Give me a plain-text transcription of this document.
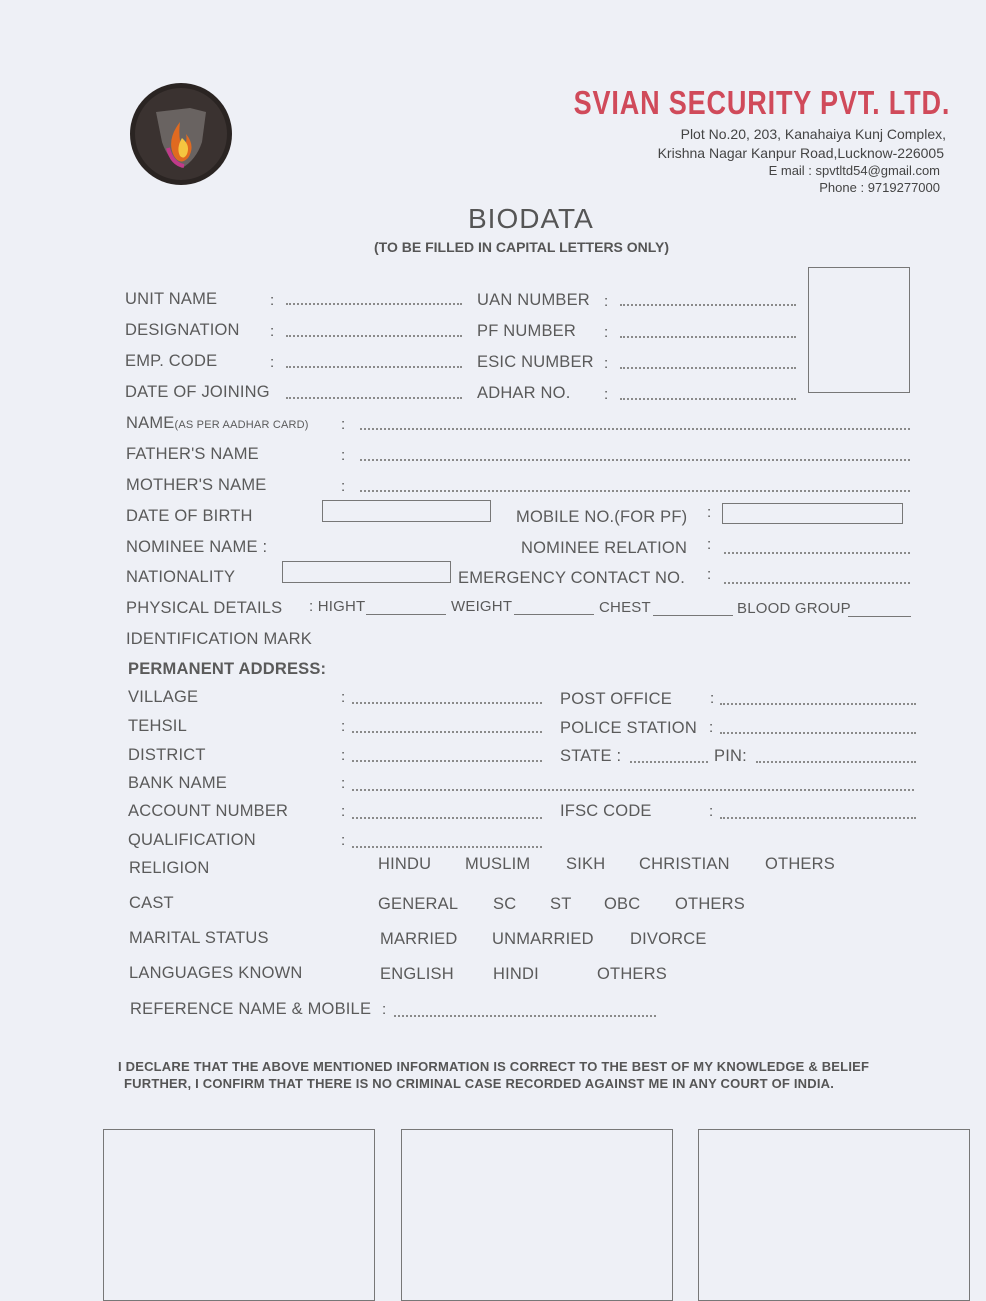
SVIAN SECURITY PVT. LTD.
Plot No.20, 203, Kanahaiya Kunj Complex,
Krishna Nagar Kanpur Road,Lucknow-226005
E mail : spvtltd54@gmail.com
Phone : 9719277000
BIODATA
(TO BE FILLED IN CAPITAL LETTERS ONLY)
UNIT NAME	:	UAN NUMBER :
DESIGNATION :	PF NUMBER :
EMP. CODE	:	ESIC NUMBER :
DATE OF JOINING	ADHAR NO. :
NAME(AS PER AADHAR CARD) :
FATHER'S NAME	:
MOTHER'S NAME	:
DATE OF BIRTH	MOBILE NO.(FOR PF) :
NOMINEE NAME :	NOMINEE RELATION :
NATIONALITY	EMERGENCY CONTACT NO. :
PHYSICAL DETAILS : HIGHT	WEIGHT	CHEST	BLOOD GROUP
IDENTIFICATION MARK
PERMANENT ADDRESS:
VILLAGE	:	POST OFFICE	:
TEHSIL	:	POLICE STATION :
DISTRICT	:	STATE :	PIN:
BANK NAME	:
ACCOUNT NUMBER	:	IFSC CODE	:
QUALIFICATION	:
RELIGION	HINDU MUSLIM SIKH CHRISTIAN OTHERS
CAST	GENERAL SC ST OBC OTHERS
MARITAL STATUS	MARRIED UNMARRIED DIVORCE
LANGUAGES KNOWN	ENGLISH HINDI	OTHERS
REFERENCE NAME & MOBILE :
I DECLARE THAT THE ABOVE MENTIONED INFORMATION IS CORRECT TO THE BEST OF MY KNOWLEDGE & BELIEF
FURTHER, I CONFIRM THAT THERE IS NO CRIMINAL CASE RECORDED AGAINST ME IN ANY COURT OF INDIA.
